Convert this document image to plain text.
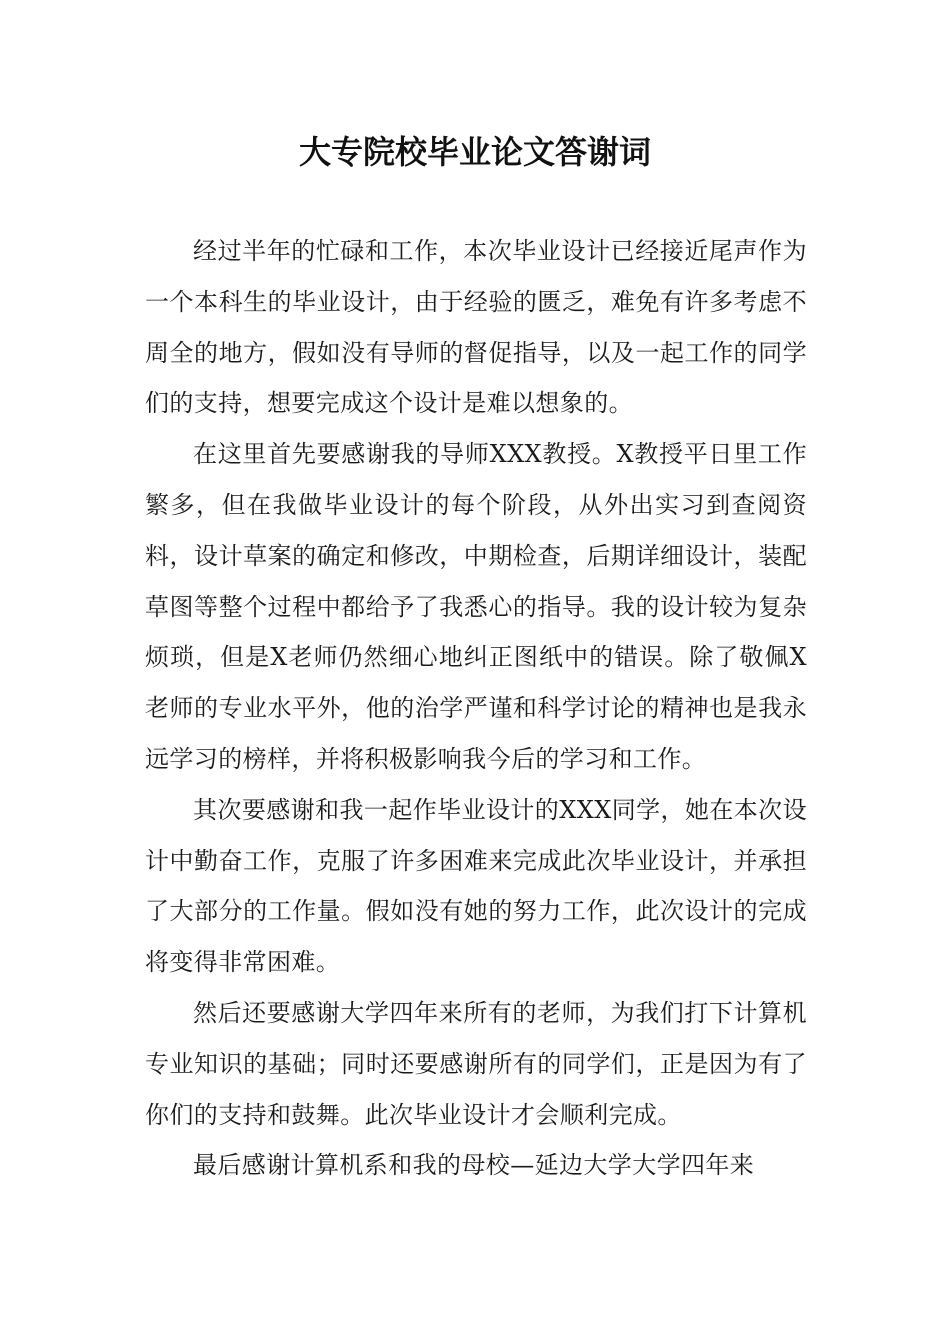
大专院校毕业论文答谢词

经过半年的忙碌和工作，本次毕业设计已经接近尾声作为一个本科生的毕业设计，由于经验的匮乏，难免有许多考虑不周全的地方，假如没有导师的督促指导，以及一起工作的同学们的支持，想要完成这个设计是难以想象的。

在这里首先要感谢我的导师XXX教授。X教授平日里工作繁多，但在我做毕业设计的每个阶段，从外出实习到查阅资料，设计草案的确定和修改，中期检查，后期详细设计，装配草图等整个过程中都给予了我悉心的指导。我的设计较为复杂烦琐，但是X老师仍然细心地纠正图纸中的错误。除了敬佩X老师的专业水平外，他的治学严谨和科学讨论的精神也是我永远学习的榜样，并将积极影响我今后的学习和工作。

其次要感谢和我一起作毕业设计的XXX同学，她在本次设计中勤奋工作，克服了许多困难来完成此次毕业设计，并承担了大部分的工作量。假如没有她的努力工作，此次设计的完成将变得非常困难。

然后还要感谢大学四年来所有的老师，为我们打下计算机专业知识的基础；同时还要感谢所有的同学们，正是因为有了你们的支持和鼓舞。此次毕业设计才会顺利完成。

最后感谢计算机系和我的母校—延边大学大学四年来
